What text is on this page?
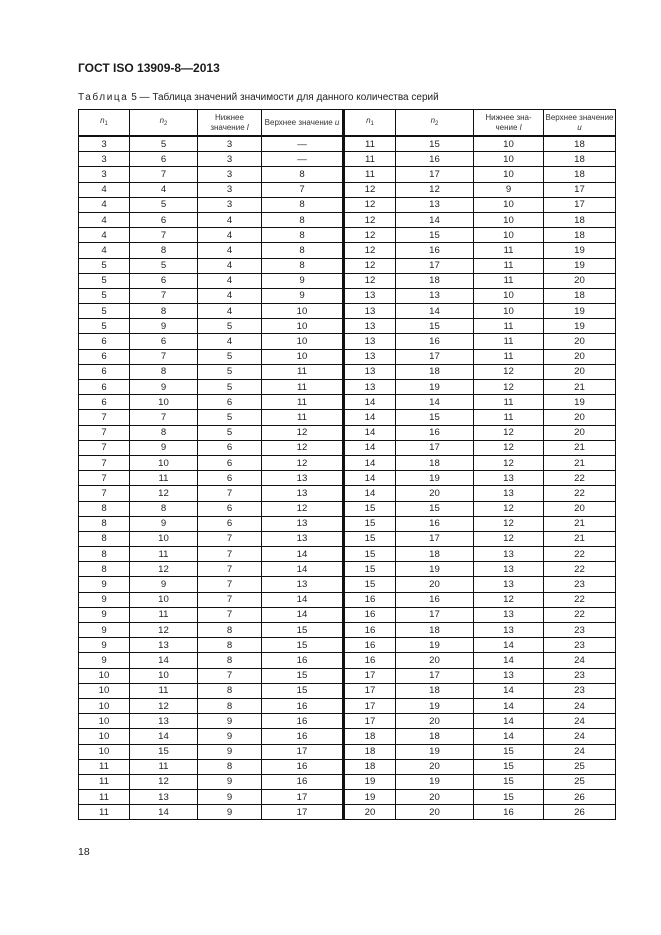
ГОСТ ISO 13909-8—2013
Таблица 5 — Таблица значений значимости для данного количества серий
$n_1$	$n_2$	Нижнее значение l	Верхнее значение u	$n_1$	$n_2$	Нижнее зна- чение l	Верхнее значение u
3	5	3	—	11	15	10	18
3	6	3	—	11	16	10	18
3	7	3	8	11	17	10	18
4	4	3	7	12	12	9	17
4	5	3	8	12	13	10	17
4	6	4	8	12	14	10	18
4	7	4	8	12	15	10	18
4	8	4	8	12	16	11	19
5	5	4	8	12	17	11	19
5	6	4	9	12	18	11	20
5	7	4	9	13	13	10	18
5	8	4	10	13	14	10	19
5	9	5	10	13	15	11	19
6	6	4	10	13	16	11	20
6	7	5	10	13	17	11	20
6	8	5	11	13	18	12	20
6	9	5	11	13	19	12	21
6	10	6	11	14	14	11	19
7	7	5	11	14	15	11	20
7	8	5	12	14	16	12	20
7	9	6	12	14	17	12	21
7	10	6	12	14	18	12	21
7	11	6	13	14	19	13	22
7	12	7	13	14	20	13	22
8	8	6	12	15	15	12	20
8	9	6	13	15	16	12	21
8	10	7	13	15	17	12	21
8	11	7	14	15	18	13	22
8	12	7	14	15	19	13	22
9	9	7	13	15	20	13	23
9	10	7	14	16	16	12	22
9	11	7	14	16	17	13	22
9	12	8	15	16	18	13	23
9	13	8	15	16	19	14	23
9	14	8	16	16	20	14	24
10	10	7	15	17	17	13	23
10	11	8	15	17	18	14	23
10	12	8	16	17	19	14	24
10	13	9	16	17	20	14	24
10	14	9	16	18	18	14	24
10	15	9	17	18	19	15	24
11	11	8	16	18	20	15	25
11	12	9	16	19	19	15	25
11	13	9	17	19	20	15	26
11	14	9	17	20	20	16	26
18
